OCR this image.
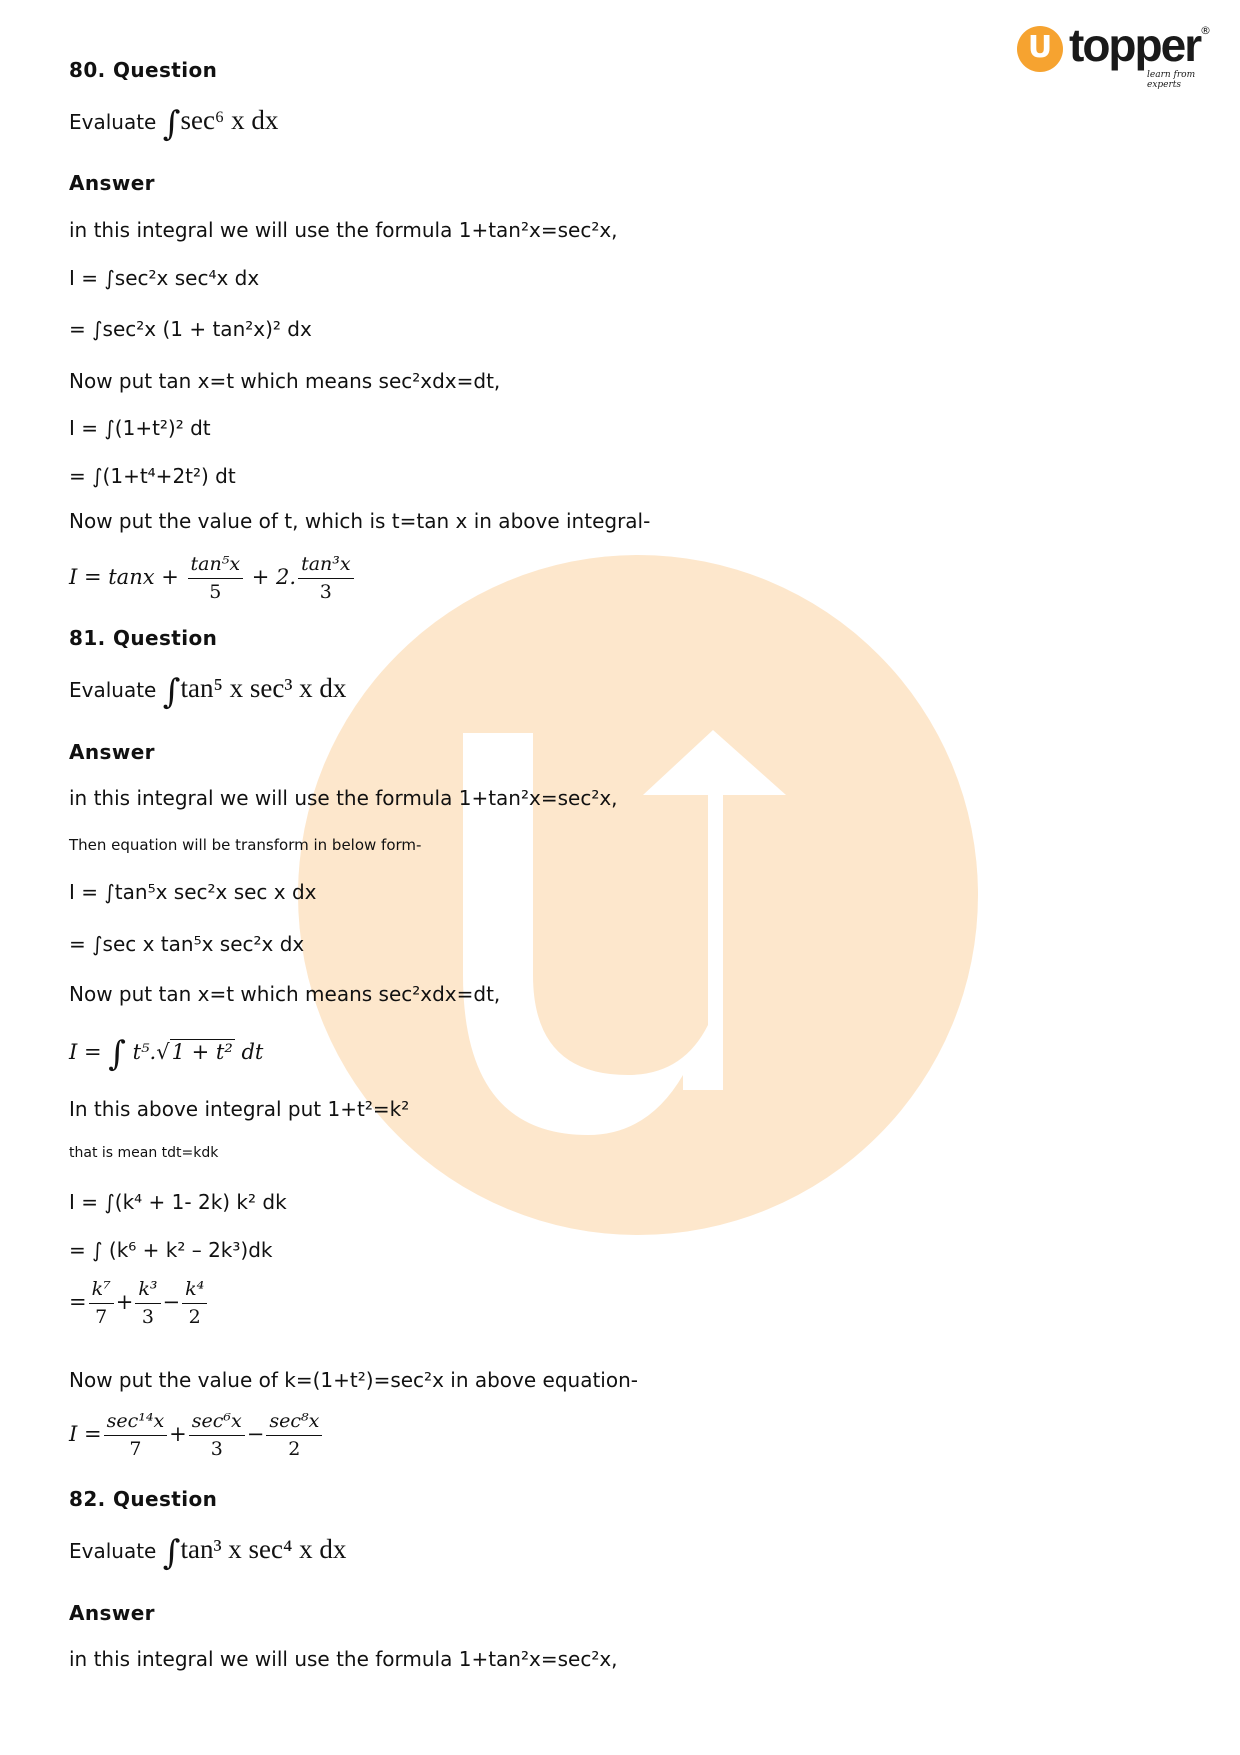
U topper ®
learn from experts
80. Question
Evaluate ∫sec⁶ x dx
Answer
in this integral we will use the formula 1+tan²x=sec²x,
I = ∫sec²x sec⁴x dx
= ∫sec²x (1 + tan²x)² dx
Now put tan x=t which means sec²xdx=dt,
I = ∫(1+t²)² dt
= ∫(1+t⁴+2t²) dt
Now put the value of t, which is t=tan x in above integral-
$I = \tan x + \frac{\text{tan⁵x}}{5} + 2$. $\frac{\text{tan³x}}{3}$
81. Question
Evaluate ∫tan⁵ x sec³ x dx
Answer
in this integral we will use the formula 1+tan²x=sec²x,
Then equation will be transform in below form-
I = ∫tan⁵x sec²x sec x dx
= ∫sec x tan⁵x sec²x dx
Now put tan x=t which means sec²xdx=dt,
I = ∫ t⁵.√1 + t² dt
In this above integral put 1+t²=k²
that is mean tdt=kdk
I = ∫(k⁴ + 1- 2k) k² dk
= ∫ (k⁶ + k² – 2k³)dk
= $\frac{\text{k⁷}}{7} + \frac{\text{k³}}{3} - \frac{\text{k⁴}}{2}$
Now put the value of k=(1+t²)=sec²x in above equation-
$I = \frac{\text{sec¹⁴x}}{7} + \frac{\text{sec⁶x}}{3} - \frac{\text{sec⁸x}}{2}$
82. Question
Evaluate ∫tan³ x sec⁴ x dx
Answer
in this integral we will use the formula 1+tan²x=sec²x,
